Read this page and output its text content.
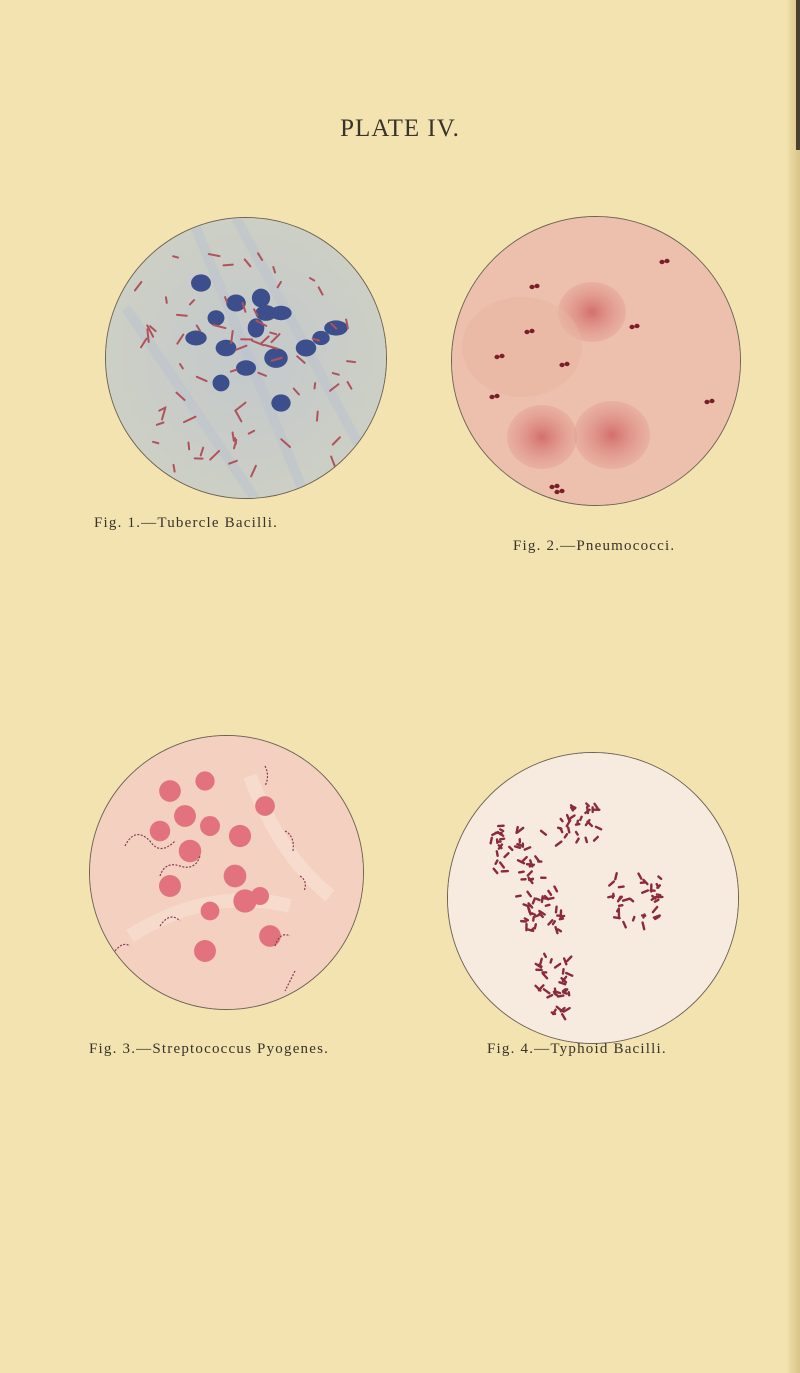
PLATE IV.
Fig. 1.—Tubercle Bacilli.
Fig. 2.—Pneumococci.
Fig. 3.—Streptococcus Pyogenes.	Fig. 4.—Typhoid Bacilli.
